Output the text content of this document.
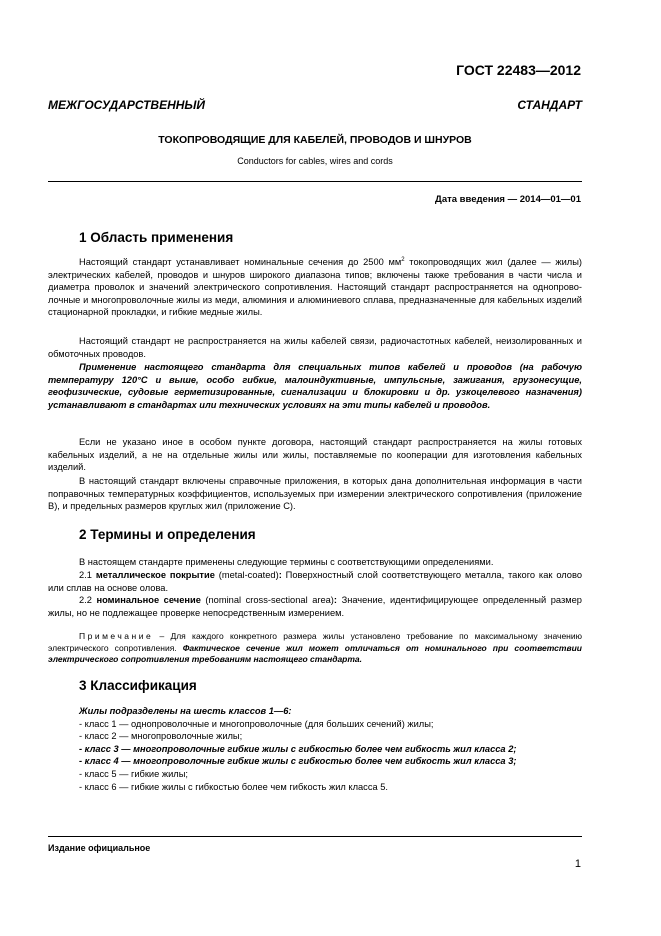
ГОСТ 22483—2012
МЕЖГОСУДАРСТВЕННЫЙ СТАНДАРТ
ТОКОПРОВОДЯЩИЕ ДЛЯ КАБЕЛЕЙ, ПРОВОДОВ И ШНУРОВ
Conductors for cables, wires and cords
Дата введения — 2014—01—01
1 Область применения

Настоящий стандарт устанавливает номинальные сечения до 2500 $мм^2$ токопроводящих жил (далее — жилы) электрических кабелей, проводов и шнуров широкого диапазона типов; включены также требования в части числа и диаметра проволок и значений электрического сопротивления. Настоящий стандарт распространяется на однопрово-лочные и многопроволочные жилы из меди, алюминия и алюминиевого сплава, предназначенные для кабельных изделий стационарной прокладки, и гибкие медные жилы.

Настоящий стандарт не распространяется на жилы кабелей связи, радиочастотных кабелей, неизолированных и обмоточных проводов.

Применение настоящего стандарта для специальных типов кабелей и проводов (на рабочую температуру 120°С и выше, особо гибкие, малоиндуктивные, импульсные, зажигания, грузонесущие, геофизические, судовые герметизированные, сигнализации и блокировки и др. узкоцелевого назначения) устанавливают в стандартах или технических условиях на эти типы кабелей и проводов.

Если не указано иное в особом пункте договора, настоящий стандарт распространяется на жилы готовых кабельных изделий, а не на отдельные жилы или жилы, поставляемые по кооперации для изготовления кабельных изделий.

В настоящий стандарт включены справочные приложения, в которых дана дополнительная информация в части поправочных температурных коэффициентов, используемых при измерении электрического сопротивления (приложение В), и предельных размеров круглых жил (приложение С).

2 Термины и определения

В настоящем стандарте применены следующие термины с соответствующими определениями.

2.1 металлическое покрытие (metal-coated): Поверхностный слой соответствующего металла, такого как олово или сплав на основе олова.

2.2 номинальное сечение (nominal cross-sectional area): Значение, идентифицирующее определенный размер жилы, но не подлежащее проверке непосредственным измерением.

Примечание – Для каждого конкретного размера жилы установлено требование по максимальному значению электрического сопротивления. Фактическое сечение жил может отличаться от номинального при соответствии электрического сопротивления требованиям настоящего стандарта.

3 Классификация
Жилы подразделены на шесть классов 1—6:
- класс 1 — однопроволочные и многопроволочные (для больших сечений) жилы;
- класс 2 — многопроволочные жилы;
- класс 3 — многопроволочные гибкие жилы с гибкостью более чем гибкость жил класса 2;
- класс 4 — многопроволочные гибкие жилы с гибкостью более чем гибкость жил класса 3;
- класс 5 — гибкие жилы;
- класс 6 — гибкие жилы с гибкостью более чем гибкость жил класса 5.
Издание официальное
1
